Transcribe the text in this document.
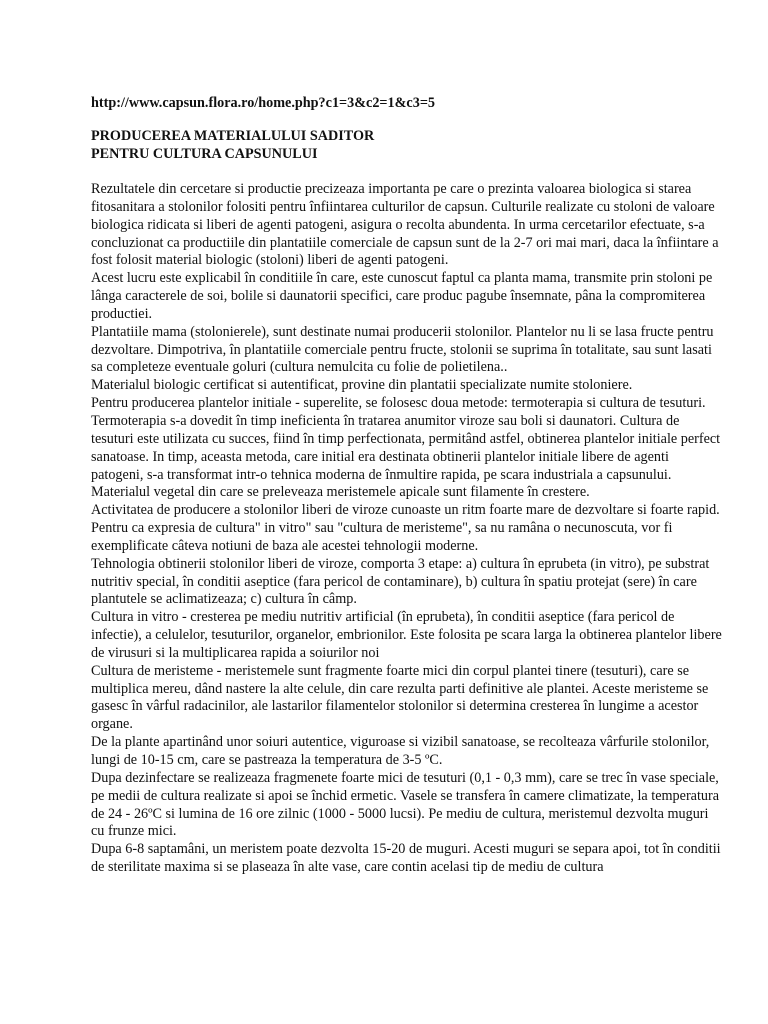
http://www.capsun.flora.ro/home.php?c1=3&c2=1&c3=5
PRODUCEREA MATERIALULUI SADITOR
PENTRU CULTURA CAPSUNULUI

Rezultatele din cercetare si productie precizeaza importanta pe care o prezinta valoarea biologica si starea fitosanitara a stolonilor folositi pentru înfiintarea culturilor de capsun. Culturile realizate cu stoloni de valoare biologica ridicata si liberi de agenti patogeni, asigura o recolta abundenta. In urma cercetarilor efectuate, s-a concluzionat ca productiile din plantatiile comerciale de capsun sunt de la 2-7 ori mai mari, daca la înfiintare a fost folosit material biologic (stoloni) liberi de agenti patogeni.

Acest lucru este explicabil în conditiile în care, este cunoscut faptul ca planta mama, transmite prin stoloni pe lânga caracterele de soi, bolile si daunatorii specifici, care produc pagube însemnate, pâna la compromiterea productiei.

Plantatiile mama (stolonierele), sunt destinate numai producerii stolonilor. Plantelor nu li se lasa fructe pentru dezvoltare. Dimpotriva, în plantatiile comerciale pentru fructe, stolonii se suprima în totalitate, sau sunt lasati sa completeze eventuale goluri (cultura nemulcita cu folie de polietilena..

Materialul biologic certificat si autentificat, provine din plantatii specializate numite stoloniere.

Pentru producerea plantelor initiale - superelite, se folosesc doua metode: termoterapia si cultura de tesuturi. Termoterapia s-a dovedit în timp ineficienta în tratarea anumitor viroze sau boli si daunatori. Cultura de tesuturi este utilizata cu succes, fiind în timp perfectionata, permitând astfel, obtinerea plantelor initiale perfect sanatoase. In timp, aceasta metoda, care initial era destinata obtinerii plantelor initiale libere de agenti patogeni, s-a transformat intr-o tehnica moderna de înmultire rapida, pe scara industriala a capsunului.

Materialul vegetal din care se preleveaza meristemele apicale sunt filamente în crestere.

Activitatea de producere a stolonilor liberi de viroze cunoaste un ritm foarte mare de dezvoltare si foarte rapid.

Pentru ca expresia de cultura" in vitro" sau "cultura de meristeme", sa nu ramâna o necunoscuta, vor fi exemplificate câteva notiuni de baza ale acestei tehnologii moderne.

Tehnologia obtinerii stolonilor liberi de viroze, comporta 3 etape: a) cultura în eprubeta (in vitro), pe substrat nutritiv special, în conditii aseptice (fara pericol de contaminare), b) cultura în spatiu protejat (sere) în care plantutele se aclimatizeaza; c) cultura în câmp.

Cultura in vitro - cresterea pe mediu nutritiv artificial (în eprubeta), în conditii aseptice (fara pericol de infectie), a celulelor, tesuturilor, organelor, embrionilor. Este folosita pe scara larga la obtinerea plantelor libere de virusuri si la multiplicarea rapida a soiurilor noi

Cultura de meristeme - meristemele sunt fragmente foarte mici din corpul plantei tinere (tesuturi), care se multiplica mereu, dând nastere la alte celule, din care rezulta parti definitive ale plantei. Aceste meristeme se gasesc în vârful radacinilor, ale lastarilor filamentelor stolonilor si determina cresterea în lungime a acestor organe.

De la plante apartinând unor soiuri autentice, viguroase si vizibil sanatoase, se recolteaza vârfurile stolonilor, lungi de 10-15 cm, care se pastreaza la temperatura de 3-5 ºC.

Dupa dezinfectare se realizeaza fragmenete foarte mici de tesuturi (0,1 - 0,3 mm), care se trec în vase speciale, pe medii de cultura realizate si apoi se închid ermetic. Vasele se transfera în camere climatizate, la temperatura de 24 - 26ºC si lumina de 16 ore zilnic (1000 - 5000 lucsi). Pe mediu de cultura, meristemul dezvolta muguri cu frunze mici.

Dupa 6-8 saptamâni, un meristem poate dezvolta 15-20 de muguri. Acesti muguri se separa apoi, tot în conditii de sterilitate maxima si se plaseaza în alte vase, care contin acelasi tip de mediu de cultura
